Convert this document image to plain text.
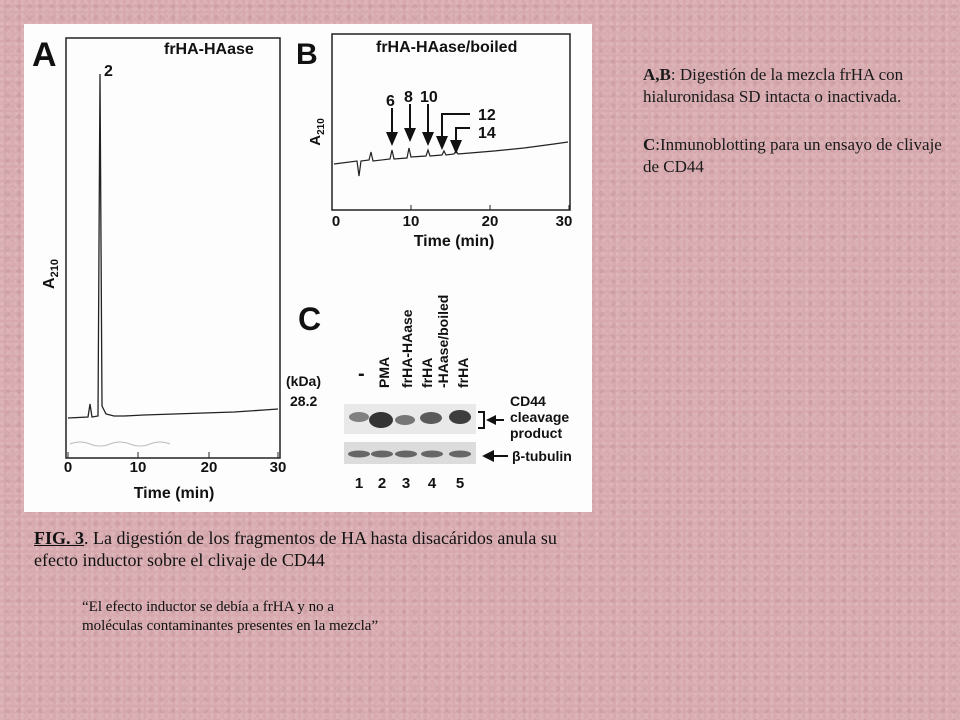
A	frHA-HAase
$A_{210}$
2
0	10	20	30
Time (min)
B	frHA-HAase/boiled
$A_{210}$
6 8 10
12
14
0	10	20	30
Time (min)
C
- PMA frHA-HAase frHA -HAase/boiled frHA
(kDa)
28.2	CD44
cleavage
product
β-tubulin
1 2 3 4 5

A,B: Digestión de la mezcla frHA con hialuronidasa SD intacta o inactivada.

C:Inmunoblotting para un ensayo de clivaje de CD44

FIG. 3. La digestión de los fragmentos de HA hasta disacáridos anula su efecto inductor sobre el clivaje de CD44
“El efecto inductor se debía a frHA y no a moléculas contaminantes presentes en la mezcla”
